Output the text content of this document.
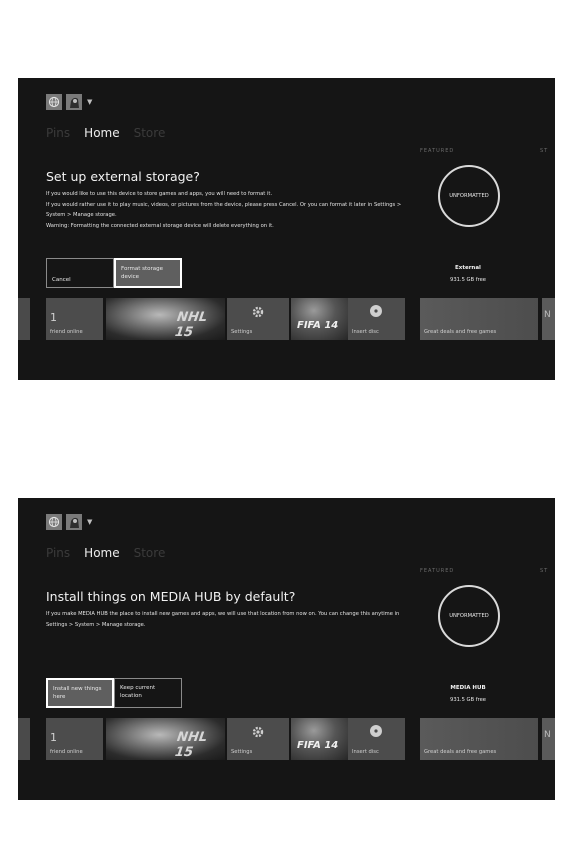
▼
Pins Home Store
FEATURED	ST
Set up external storage?
If you would like to use this device to store games and apps, you will need to format it.
If you would rather use it to play music, videos, or pictures from the device, please press Cancel. Or you can format it later in Settings > System > Manage storage.
Warning: Formatting the connected external storage device will delete everything on it.
UNFORMATTED
External
931.5 GB free
Cancel
Format storage device
1
friend online
NHL 15	Settings
FIFA 14
Insert disc	Great deals and free games
N
▼
Pins Home Store
FEATURED	ST
Install things on MEDIA HUB by default?
If you make MEDIA HUB the place to install new games and apps, we will use that location from now on. You can change this anytime in Settings > System > Manage storage.
UNFORMATTED
MEDIA HUB
931.5 GB free
Install new things here
Keep current location
1
friend online
NHL 15	Settings
FIFA 14
Insert disc	Great deals and free games
N
